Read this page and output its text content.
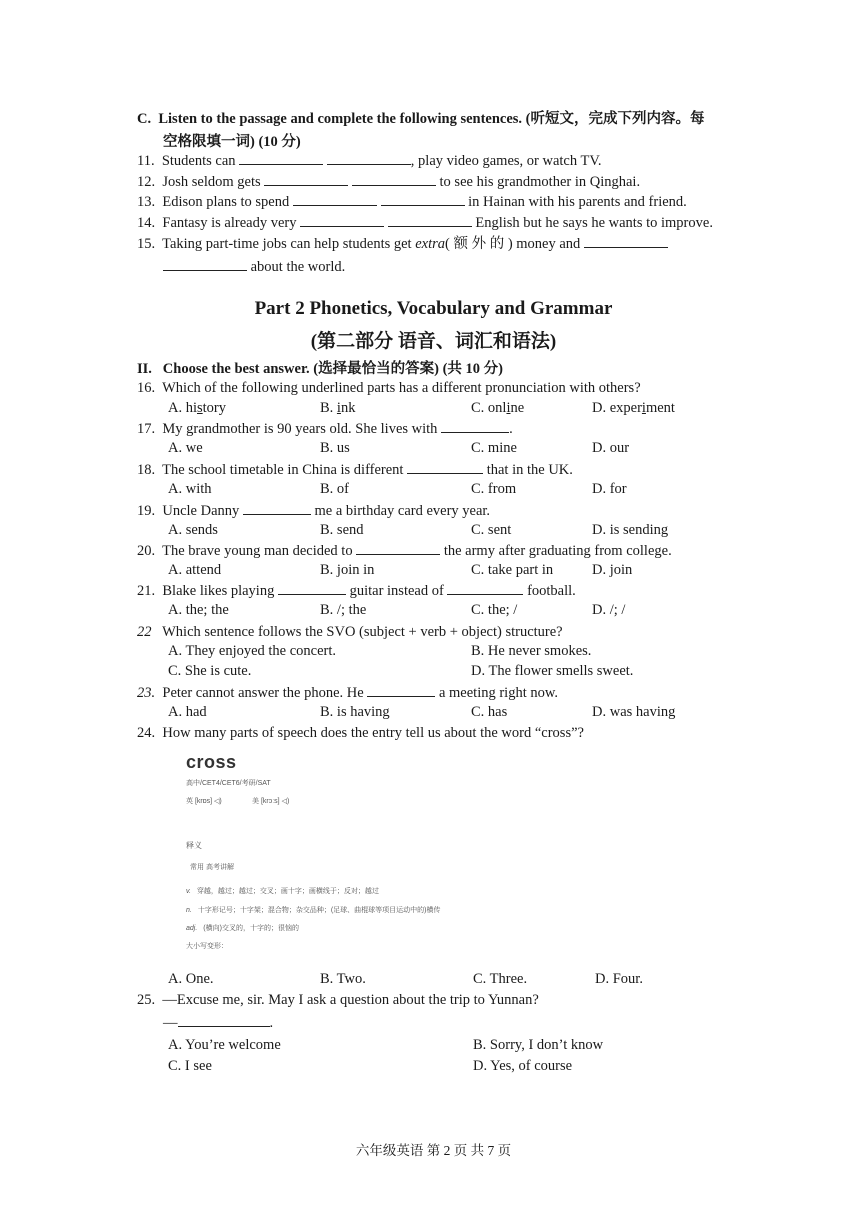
C. Listen to the passage and complete the following sentences. (听短文，完成下列内容。每
空格限填一词) (10 分)
11. Students can	, play video games, or watch TV.
12. Josh seldom gets	to see his grandmother in Qinghai.
13. Edison plans to spend	in Hainan with his parents and friend.
14. Fantasy is already very	English but he says he wants to improve.
15. Taking part-time jobs can help students get extra( 额 外 的 ) money and
about the world.
Part 2 Phonetics, Vocabulary and Grammar
(第二部分 语音、词汇和语法)
II. Choose the best answer. (选择最恰当的答案) (共 10 分)
16. Which of the following underlined parts has a different pronunciation with others?
A. history	B. ink	C. online	D. experiment
17. My grandmother is 90 years old. She lives with	.
A. we	B. us	C. mine	D. our
18. The school timetable in China is different	that in the UK.
A. with	B. of	C. from	D. for
19. Uncle Danny	me a birthday card every year.
A. sends	B. send	C. sent	D. is sending
20. The brave young man decided to	the army after graduating from college.
A. attend	B. join in	C. take part in	D. join
21. Blake likes playing	guitar instead of	football.
A. the; the	B. /; the	C. the; /	D. /; /
22 Which sentence follows the SVO (subject + verb + object) structure?
A. They enjoyed the concert.	B. He never smokes.
C. She is cute.	D. The flower smells sweet.
23. Peter cannot answer the phone. He	a meeting right now.
A. had	B. is having	C. has	D. was having
24. How many parts of speech does the entry tell us about the word “cross”?
cross
高中/CET4/CET6/考研/SAT
英 [krɒs] ◁)	美 [krɔːs] ◁)
释义
常用 高考讲解
v. 穿越，越过；越过；交叉；画十字；画横线于；反对；越过
n. 十字形记号；十字架；混合物；杂交品种；(足球、曲棍球等项目运动中的)横传
adj. (横向)交叉的，十字的；很恼的
大小写变形：
A. One.	B. Two.	C. Three.	D. Four.
25. —Excuse me, sir. May I ask a question about the trip to Yunnan?
—	.
A. You’re welcome	B. Sorry, I don’t know
C. I see	D. Yes, of course
六年级英语 第 2 页 共 7 页
